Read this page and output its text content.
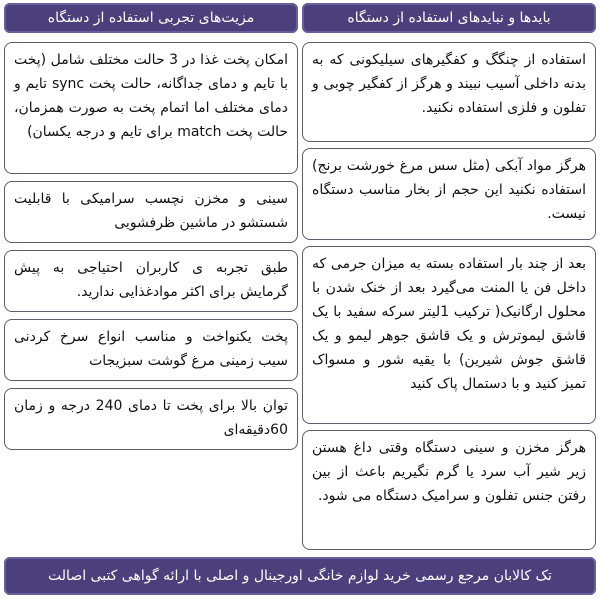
بایدها و نبایدهای استفاده از دستگاه
مزیت‌های تجربی استفاده از دستگاه
استفاده از چنگگ و کفگیرهای سیلیکونی که به بدنه داخلی آسیب نبیند و هرگز از کفگیر چوبی و تفلون و فلزی استفاده نکنید.
هرگز مواد آبکی (مثل سس مرغ خورشت برنج) استفاده نکنید این حجم از بخار مناسب دستگاه نیست.
بعد از چند بار استفاده بسته به میزان جرمی که داخل فن یا المنت می‌گیرد بعد از خنک شدن با محلول ارگانیک( ترکیب 1لیتر سرکه سفید با یک قاشق لیموترش و یک قاشق جوهر لیمو و یک قاشق جوش شیرین) با یقیه شور و مسواک تمیز کنید و با دستمال پاک کنید
هرگز مخزن و سینی دستگاه وقتی داغ هستن زیر شیر آب سرد یا گرم نگیریم باعث از بین رفتن جنس تفلون و سرامیک دستگاه می شود.
امکان پخت غذا در 3 حالت مختلف شامل (پخت با تایم و دمای جداگانه، حالت پخت sync تایم و دمای مختلف اما اتمام پخت به صورت همزمان، حالت پخت match برای تایم و درجه یکسان)
سینی و مخزن نچسب سرامیکی با قابلیت شستشو در ماشین ظرفشویی
طبق تجربه ی کاربران احتیاجی به پیش گرمایش برای اکثر موادغذایی ندارید.
پخت یکنواخت و مناسب انواع سرخ کردنی سیب زمینی مرغ گوشت سبزیجات
توان بالا برای پخت تا دمای 240 درجه و زمان 60دقیقه‌ای
تک کالابان مرجع رسمی خرید لوازم خانگی اورجینال و اصلی با ارائه گواهی کتبی اصالت
